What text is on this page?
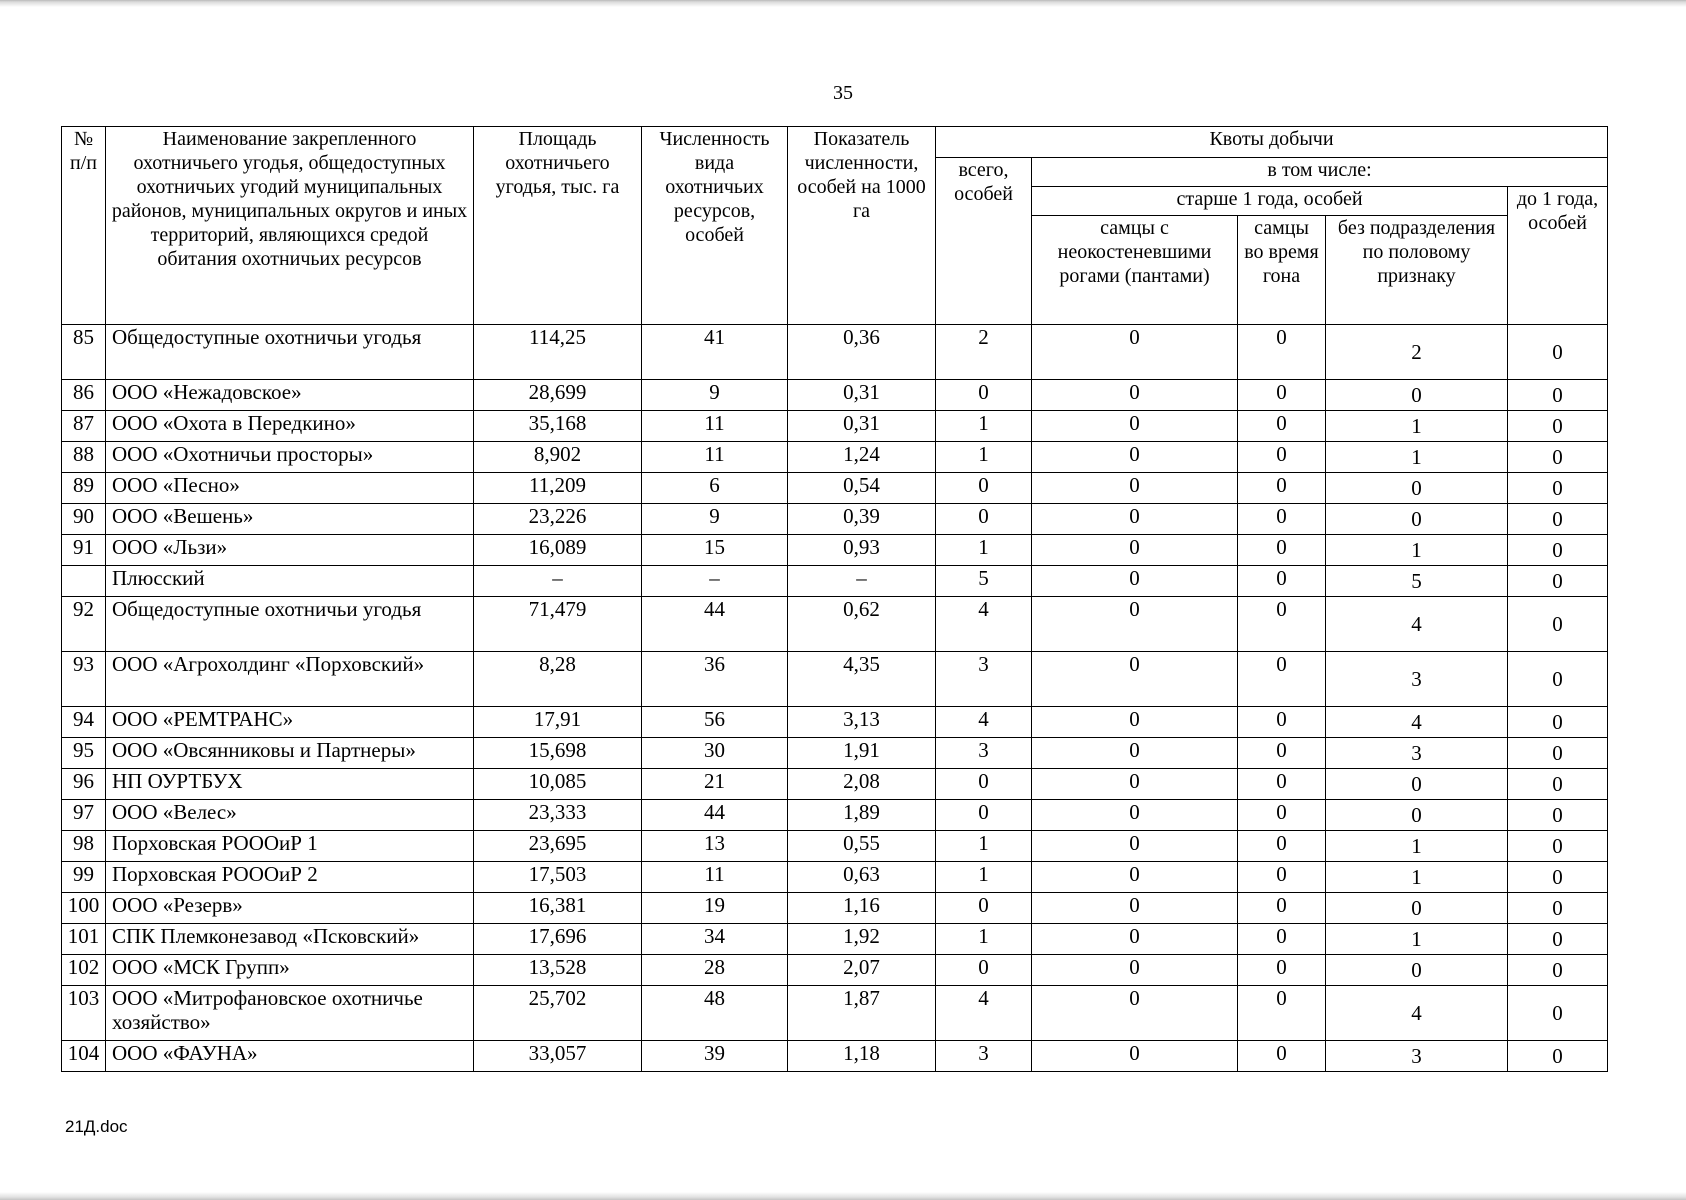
35
№ п/п	Наименование закрепленного охотничьего угодья, общедоступных охотничьих угодий муниципальных районов, муниципальных округов и иных территорий, являющихся средой обитания охотничьих ресурсов	Площадь охотничьего угодья, тыс. га	Численность вида охотничьих ресурсов, особей	Показатель численности, особей на 1000 га	Квоты добычи				
					всего, особей	в том числе:			
						старше 1 года, особей			до 1 года, особей
						самцы с неокостеневшими рогами (пантами)	самцы во время гона	без подразделения по половому признаку	
85	Общедоступные охотничьи угодья	114,25	41	0,36	2	0	0	2	0
86	ООО «Нежадовское»	28,699	9	0,31	0	0	0	0	0
87	ООО «Охота в Передкино»	35,168	11	0,31	1	0	0	1	0
88	ООО «Охотничьи просторы»	8,902	11	1,24	1	0	0	1	0
89	ООО «Песно»	11,209	6	0,54	0	0	0	0	0
90	ООО «Вешень»	23,226	9	0,39	0	0	0	0	0
91	ООО «Льзи»	16,089	15	0,93	1	0	0	1	0
	Плюсский	–	–	–	5	0	0	5	0
92	Общедоступные охотничьи угодья	71,479	44	0,62	4	0	0	4	0
93	ООО «Агрохолдинг «Порховский»	8,28	36	4,35	3	0	0	3	0
94	ООО «РЕМТРАНС»	17,91	56	3,13	4	0	0	4	0
95	ООО «Овсянниковы и Партнеры»	15,698	30	1,91	3	0	0	3	0
96	НП ОУРТБУХ	10,085	21	2,08	0	0	0	0	0
97	ООО «Велес»	23,333	44	1,89	0	0	0	0	0
98	Порховская РОООиР 1	23,695	13	0,55	1	0	0	1	0
99	Порховская РОООиР 2	17,503	11	0,63	1	0	0	1	0
100	ООО «Резерв»	16,381	19	1,16	0	0	0	0	0
101	СПК Племконезавод «Псковский»	17,696	34	1,92	1	0	0	1	0
102	ООО «МСК Групп»	13,528	28	2,07	0	0	0	0	0
103	ООО «Митрофановское охотничье хозяйство»	25,702	48	1,87	4	0	0	4	0
104	ООО «ФАУНА»	33,057	39	1,18	3	0	0	3	0
21Д.doc
